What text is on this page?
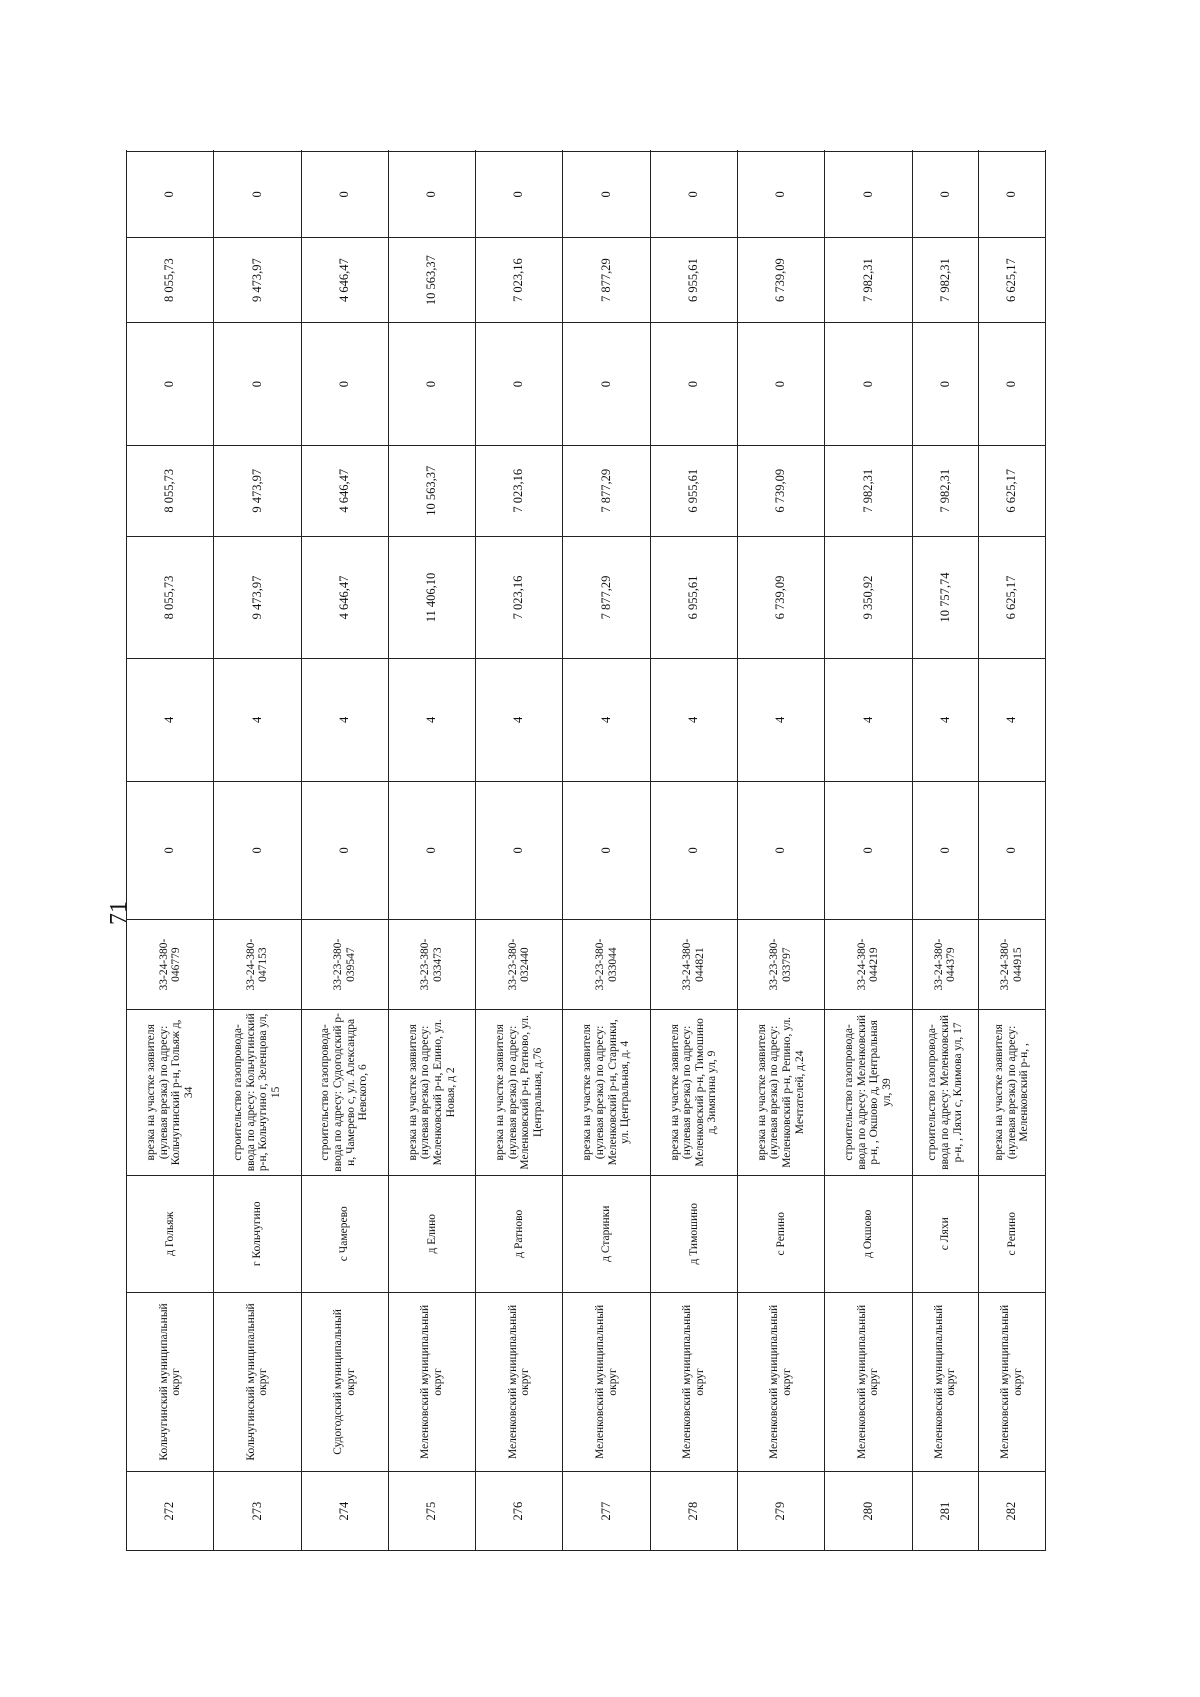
71
272	Кольчугинский муниципальный округ	д Гольяж	врезка на участке заявителя (нулевая врезка) по адресу: Кольчугинский р-н, Гольяж д, 34	33-24-380-046779	0	4	8 055,73	8 055,73	0	8 055,73	0	
273	Кольчугинский муниципальный округ	г Кольчугино	строительство газопровода-ввода по адресу: Кольчугинский р-н, Кольчугино г, Зеленцова ул, 15	33-24-380-047153	0	4	9 473,97	9 473,97	0	9 473,97	0	
274	Судогодский муниципальный округ	с Чамерево	строительство газопровода-ввода по адресу: Судогодский р-н, Чамерево с, ул. Александра Невского, 6	33-23-380-039547	0	4	4 646,47	4 646,47	0	4 646,47	0	
275	Меленковский муниципальный округ	д Елино	врезка на участке заявителя (нулевая врезка) по адресу: Меленковский р-н, Елино, ул. Новая, д 2	33-23-380-033473	0	4	11 406,10	10 563,37	0	10 563,37	0	
276	Меленковский муниципальный округ	д Ратново	врезка на участке заявителя (нулевая врезка) по адресу: Меленковский р-н, Ратново, ул. Центральная, д.76	33-23-380-032440	0	4	7 023,16	7 023,16	0	7 023,16	0	
277	Меленковский муниципальный округ	д Старинки	врезка на участке заявителя (нулевая врезка) по адресу: Меленковский р-н, Старинки, ул. Центральная, д. 4	33-23-380-033044	0	4	7 877,29	7 877,29	0	7 877,29	0	
278	Меленковский муниципальный округ	д Тимошино	врезка на участке заявителя (нулевая врезка) по адресу: Меленковский р-н, Тимошино д, Зимягина ул, 9	33-24-380-044821	0	4	6 955,61	6 955,61	0	6 955,61	0	
279	Меленковский муниципальный округ	с Репино	врезка на участке заявителя (нулевая врезка) по адресу: Меленковский р-н, Репино, ул. Мечтателей, д.24	33-23-380-033797	0	4	6 739,09	6 739,09	0	6 739,09	0	
280	Меленковский муниципальный округ	д Окшово	строительство газопровода-ввода по адресу: Меленковский р-н, , Окшово д, Центральная ул, 39	33-24-380-044219	0	4	9 350,92	7 982,31	0	7 982,31	0	
281	Меленковский муниципальный округ	с Ляхи	строительство газопровода-ввода по адресу: Меленковский р-н, , Ляхи с, Климова ул, 17	33-24-380-044379	0	4	10 757,74	7 982,31	0	7 982,31	0	
282	Меленковский муниципальный округ	с Репино	врезка на участке заявителя (нулевая врезка) по адресу: Меленковский р-н, ,	33-24-380-044915	0	4	6 625,17	6 625,17	0	6 625,17	0	
